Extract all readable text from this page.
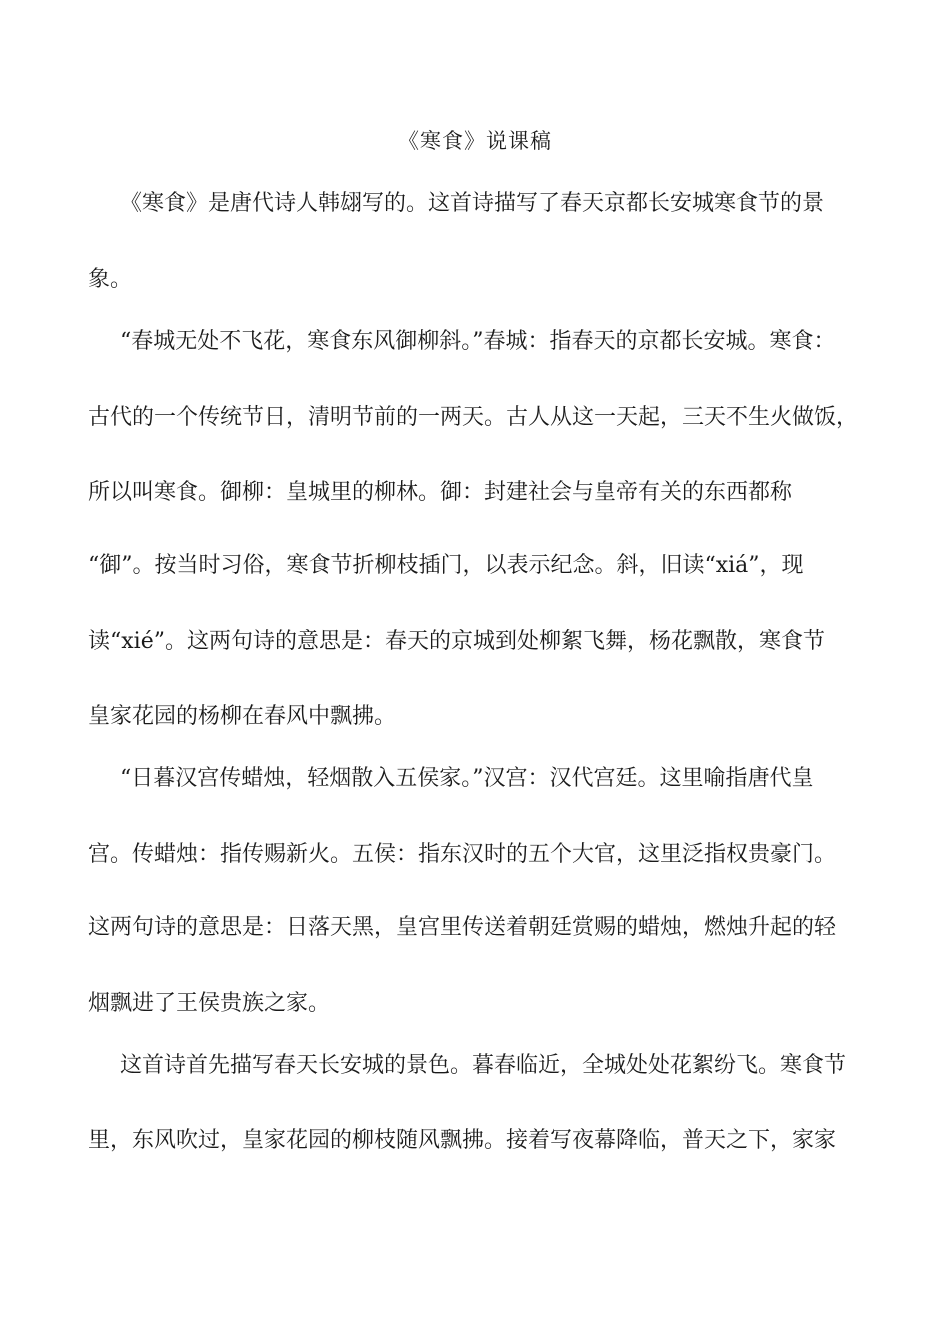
《寒食》说课稿
《寒食》是唐代诗人韩翃写的。这首诗描写了春天京都长安城寒食节的景
象。
“春城无处不飞花，寒食东风御柳斜。”春城：指春天的京都长安城。寒食：
古代的一个传统节日，清明节前的一两天。古人从这一天起，三天不生火做饭，
所以叫寒食。御柳：皇城里的柳林。御：封建社会与皇帝有关的东西都称
“御”。按当时习俗，寒食节折柳枝插门，以表示纪念。斜，旧读“xiá”，现
读“xié”。这两句诗的意思是：春天的京城到处柳絮飞舞，杨花飘散，寒食节
皇家花园的杨柳在春风中飘拂。
“日暮汉宫传蜡烛，轻烟散入五侯家。”汉宫：汉代宫廷。这里喻指唐代皇
宫。传蜡烛：指传赐新火。五侯：指东汉时的五个大官，这里泛指权贵豪门。
这两句诗的意思是：日落天黑，皇宫里传送着朝廷赏赐的蜡烛，燃烛升起的轻
烟飘进了王侯贵族之家。
这首诗首先描写春天长安城的景色。暮春临近，全城处处花絮纷飞。寒食节
里，东风吹过，皇家花园的柳枝随风飘拂。接着写夜幕降临，普天之下，家家
